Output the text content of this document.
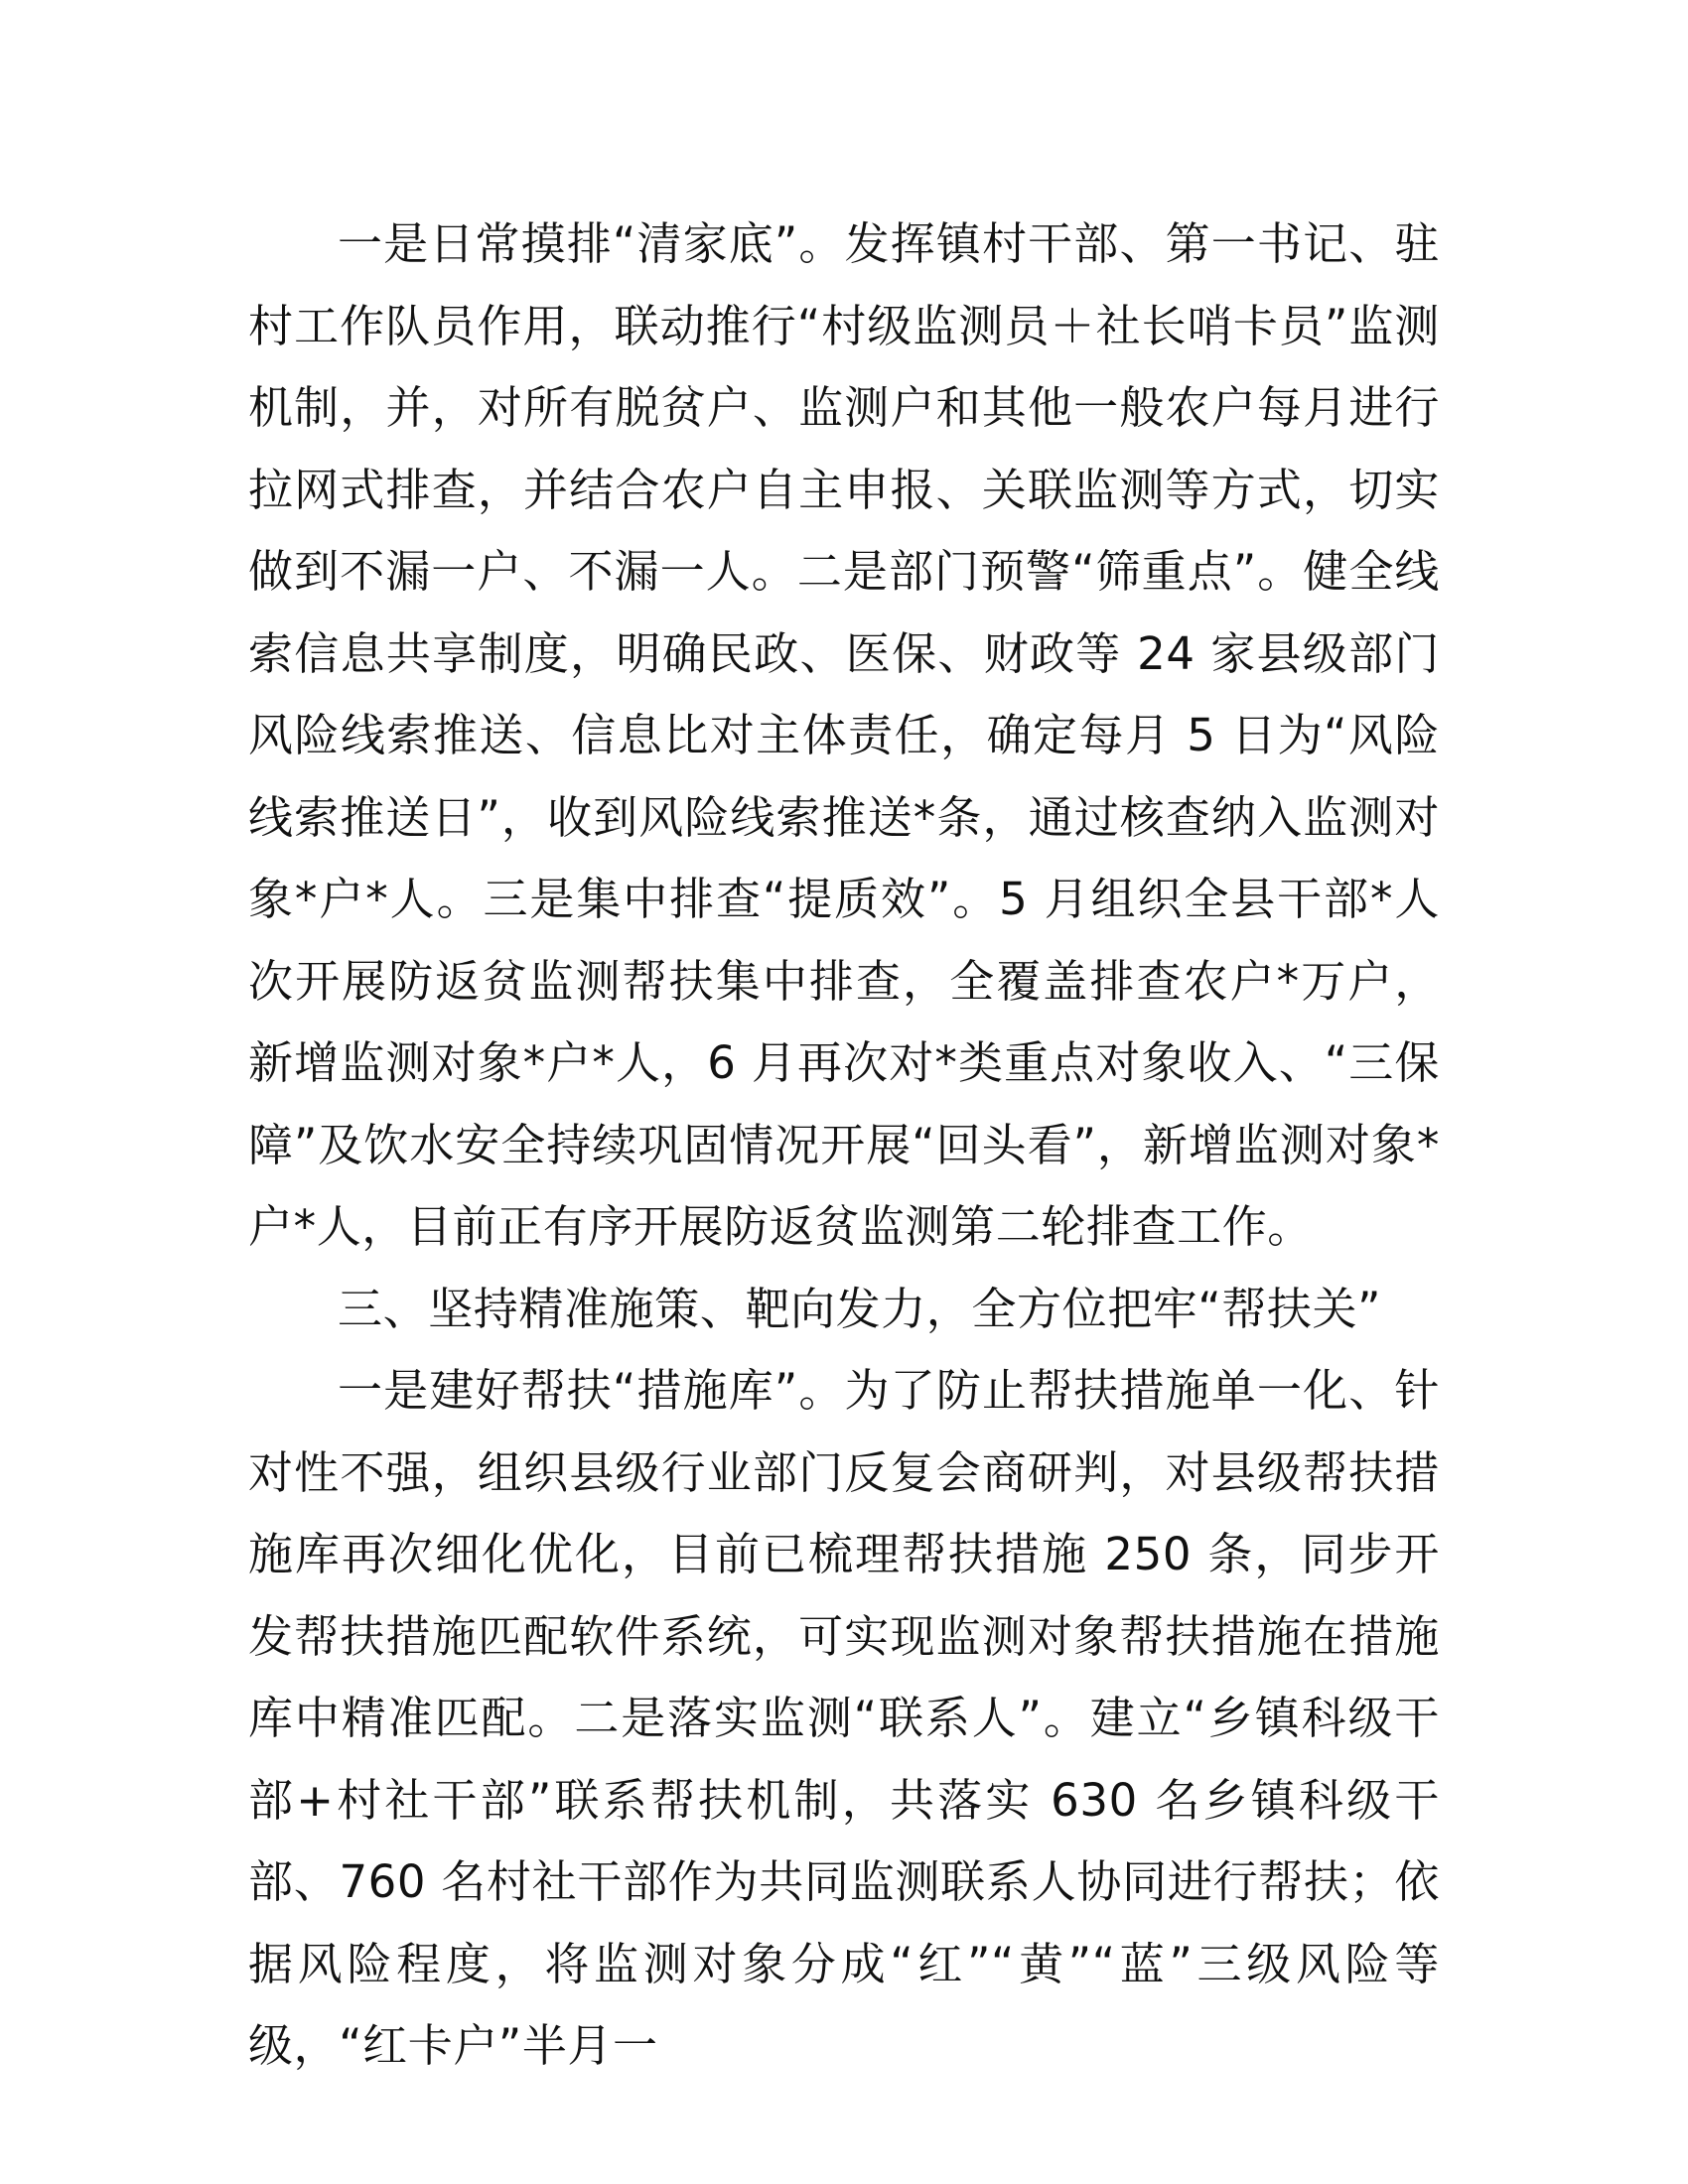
一是日常摸排“清家底”。发挥镇村干部、第一书记、驻村工作队员作用，联动推行“村级监测员＋社长哨卡员”监测机制，并，对所有脱贫户、监测户和其他一般农户每月进行拉网式排查，并结合农户自主申报、关联监测等方式，切实做到不漏一户、不漏一人。二是部门预警“筛重点”。健全线索信息共享制度，明确民政、医保、财政等 24 家县级部门风险线索推送、信息比对主体责任，确定每月 5 日为“风险线索推送日”，收到风险线索推送*条，通过核查纳入监测对象*户*人。三是集中排查“提质效”。5 月组织全县干部*人次开展防返贫监测帮扶集中排查，全覆盖排查农户*万户，新增监测对象*户*人，6 月再次对*类重点对象收入、“三保障”及饮水安全持续巩固情况开展“回头看”，新增监测对象*户*人，目前正有序开展防返贫监测第二轮排查工作。

三、坚持精准施策、靶向发力，全方位把牢“帮扶关”

一是建好帮扶“措施库”。为了防止帮扶措施单一化、针对性不强，组织县级行业部门反复会商研判，对县级帮扶措施库再次细化优化，目前已梳理帮扶措施 250 条，同步开发帮扶措施匹配软件系统，可实现监测对象帮扶措施在措施库中精准匹配。二是落实监测“联系人”。建立“乡镇科级干部+村社干部”联系帮扶机制，共落实 630 名乡镇科级干部、760 名村社干部作为共同监测联系人协同进行帮扶；依据风险程度，将监测对象分成“红”“黄”“蓝”三级风险等级，“红卡户”半月一
